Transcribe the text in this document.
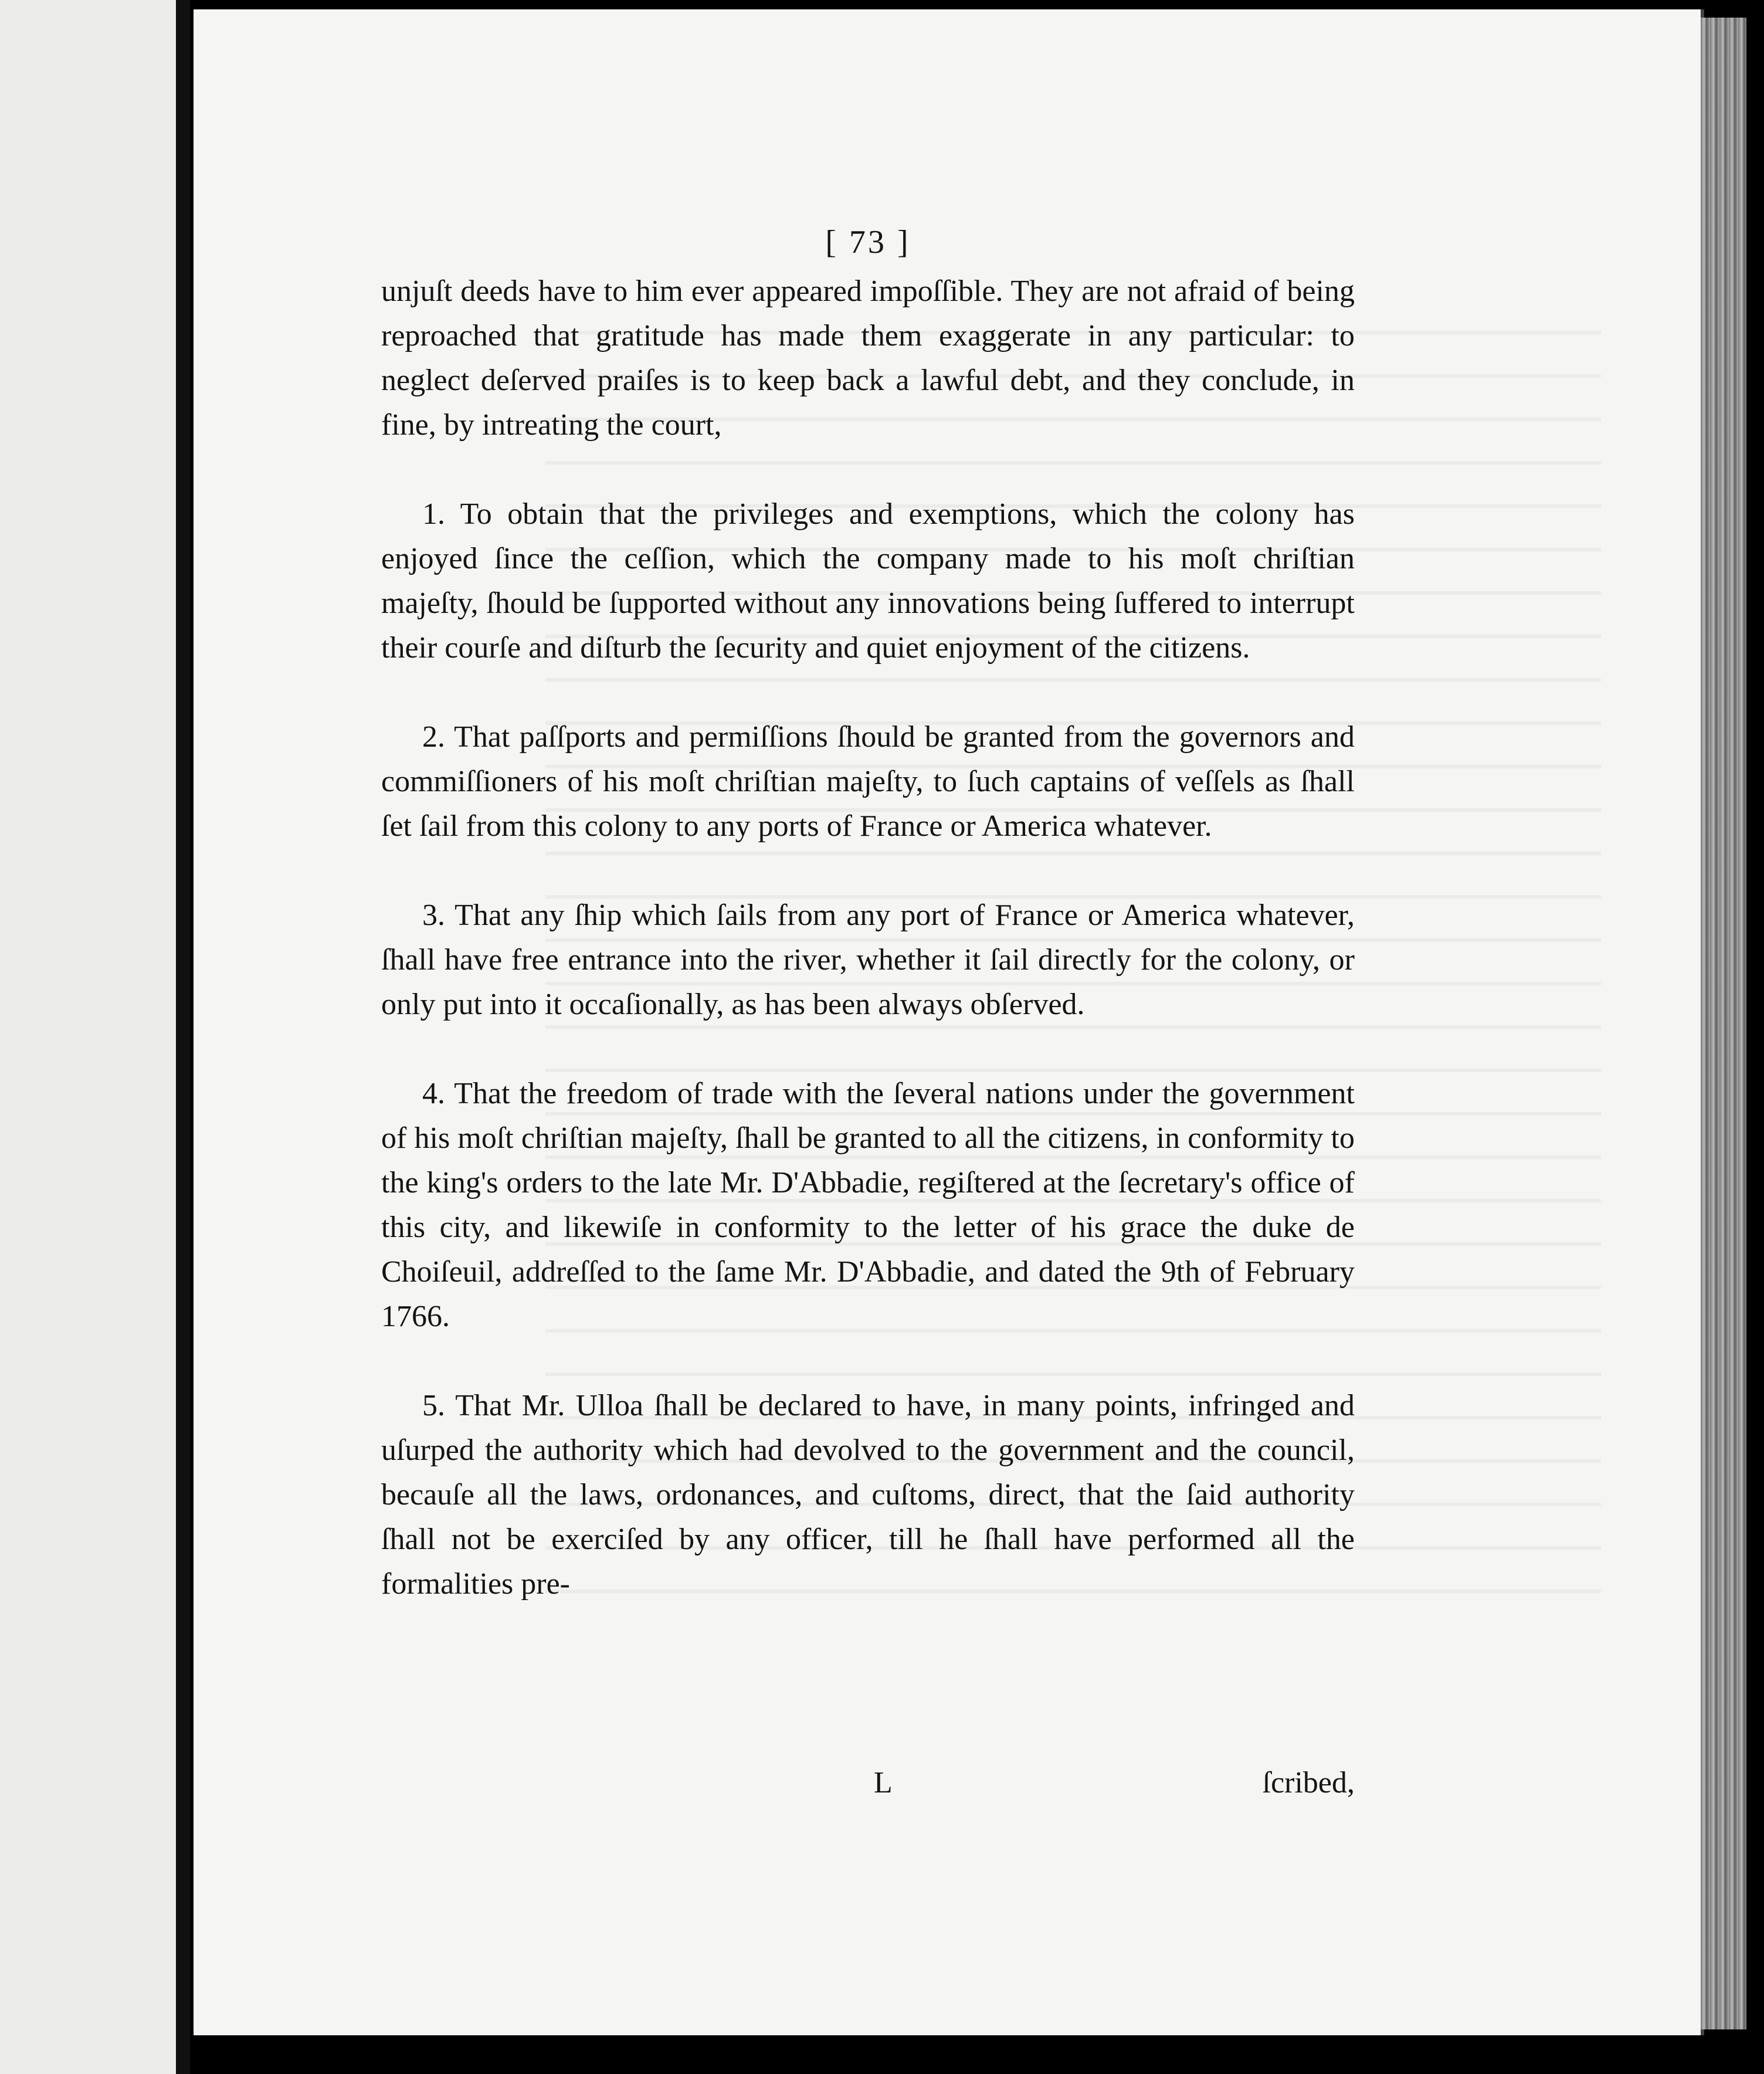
[ 73 ]

unjuſt deeds have to him ever appeared impoſſible. They are not afraid of being reproached that gratitude has made them exaggerate in any particular: to neglect deſerved praiſes is to keep back a lawful debt, and they conclude, in fine, by intreating the court,

1. To obtain that the privileges and exemptions, which the colony has enjoyed ſince the ceſſion, which the company made to his moſt chriſtian majeſty, ſhould be ſupported without any innovations being ſuffered to interrupt their courſe and diſturb the ſecurity and quiet enjoyment of the citizens.

2. That paſſports and permiſſions ſhould be granted from the governors and commiſſioners of his moſt chriſtian majeſty, to ſuch captains of veſſels as ſhall ſet ſail from this colony to any ports of France or America whatever.

3. That any ſhip which ſails from any port of France or America whatever, ſhall have free entrance into the river, whether it ſail directly for the colony, or only put into it occaſionally, as has been always obſerved.

4. That the freedom of trade with the ſeveral nations under the government of his moſt chriſtian majeſty, ſhall be granted to all the citizens, in conformity to the king's orders to the late Mr. D'Abbadie, regiſtered at the ſecretary's office of this city, and likewiſe in conformity to the letter of his grace the duke de Choiſeuil, addreſſed to the ſame Mr. D'Abbadie, and dated the 9th of February 1766.

5. That Mr. Ulloa ſhall be declared to have, in many points, infringed and uſurped the authority which had devolved to the government and the council, becauſe all the laws, ordonances, and cuſtoms, direct, that the ſaid authority ſhall not be exerciſed by any officer, till he ſhall have performed all the formalities pre-

L	ſcribed,
